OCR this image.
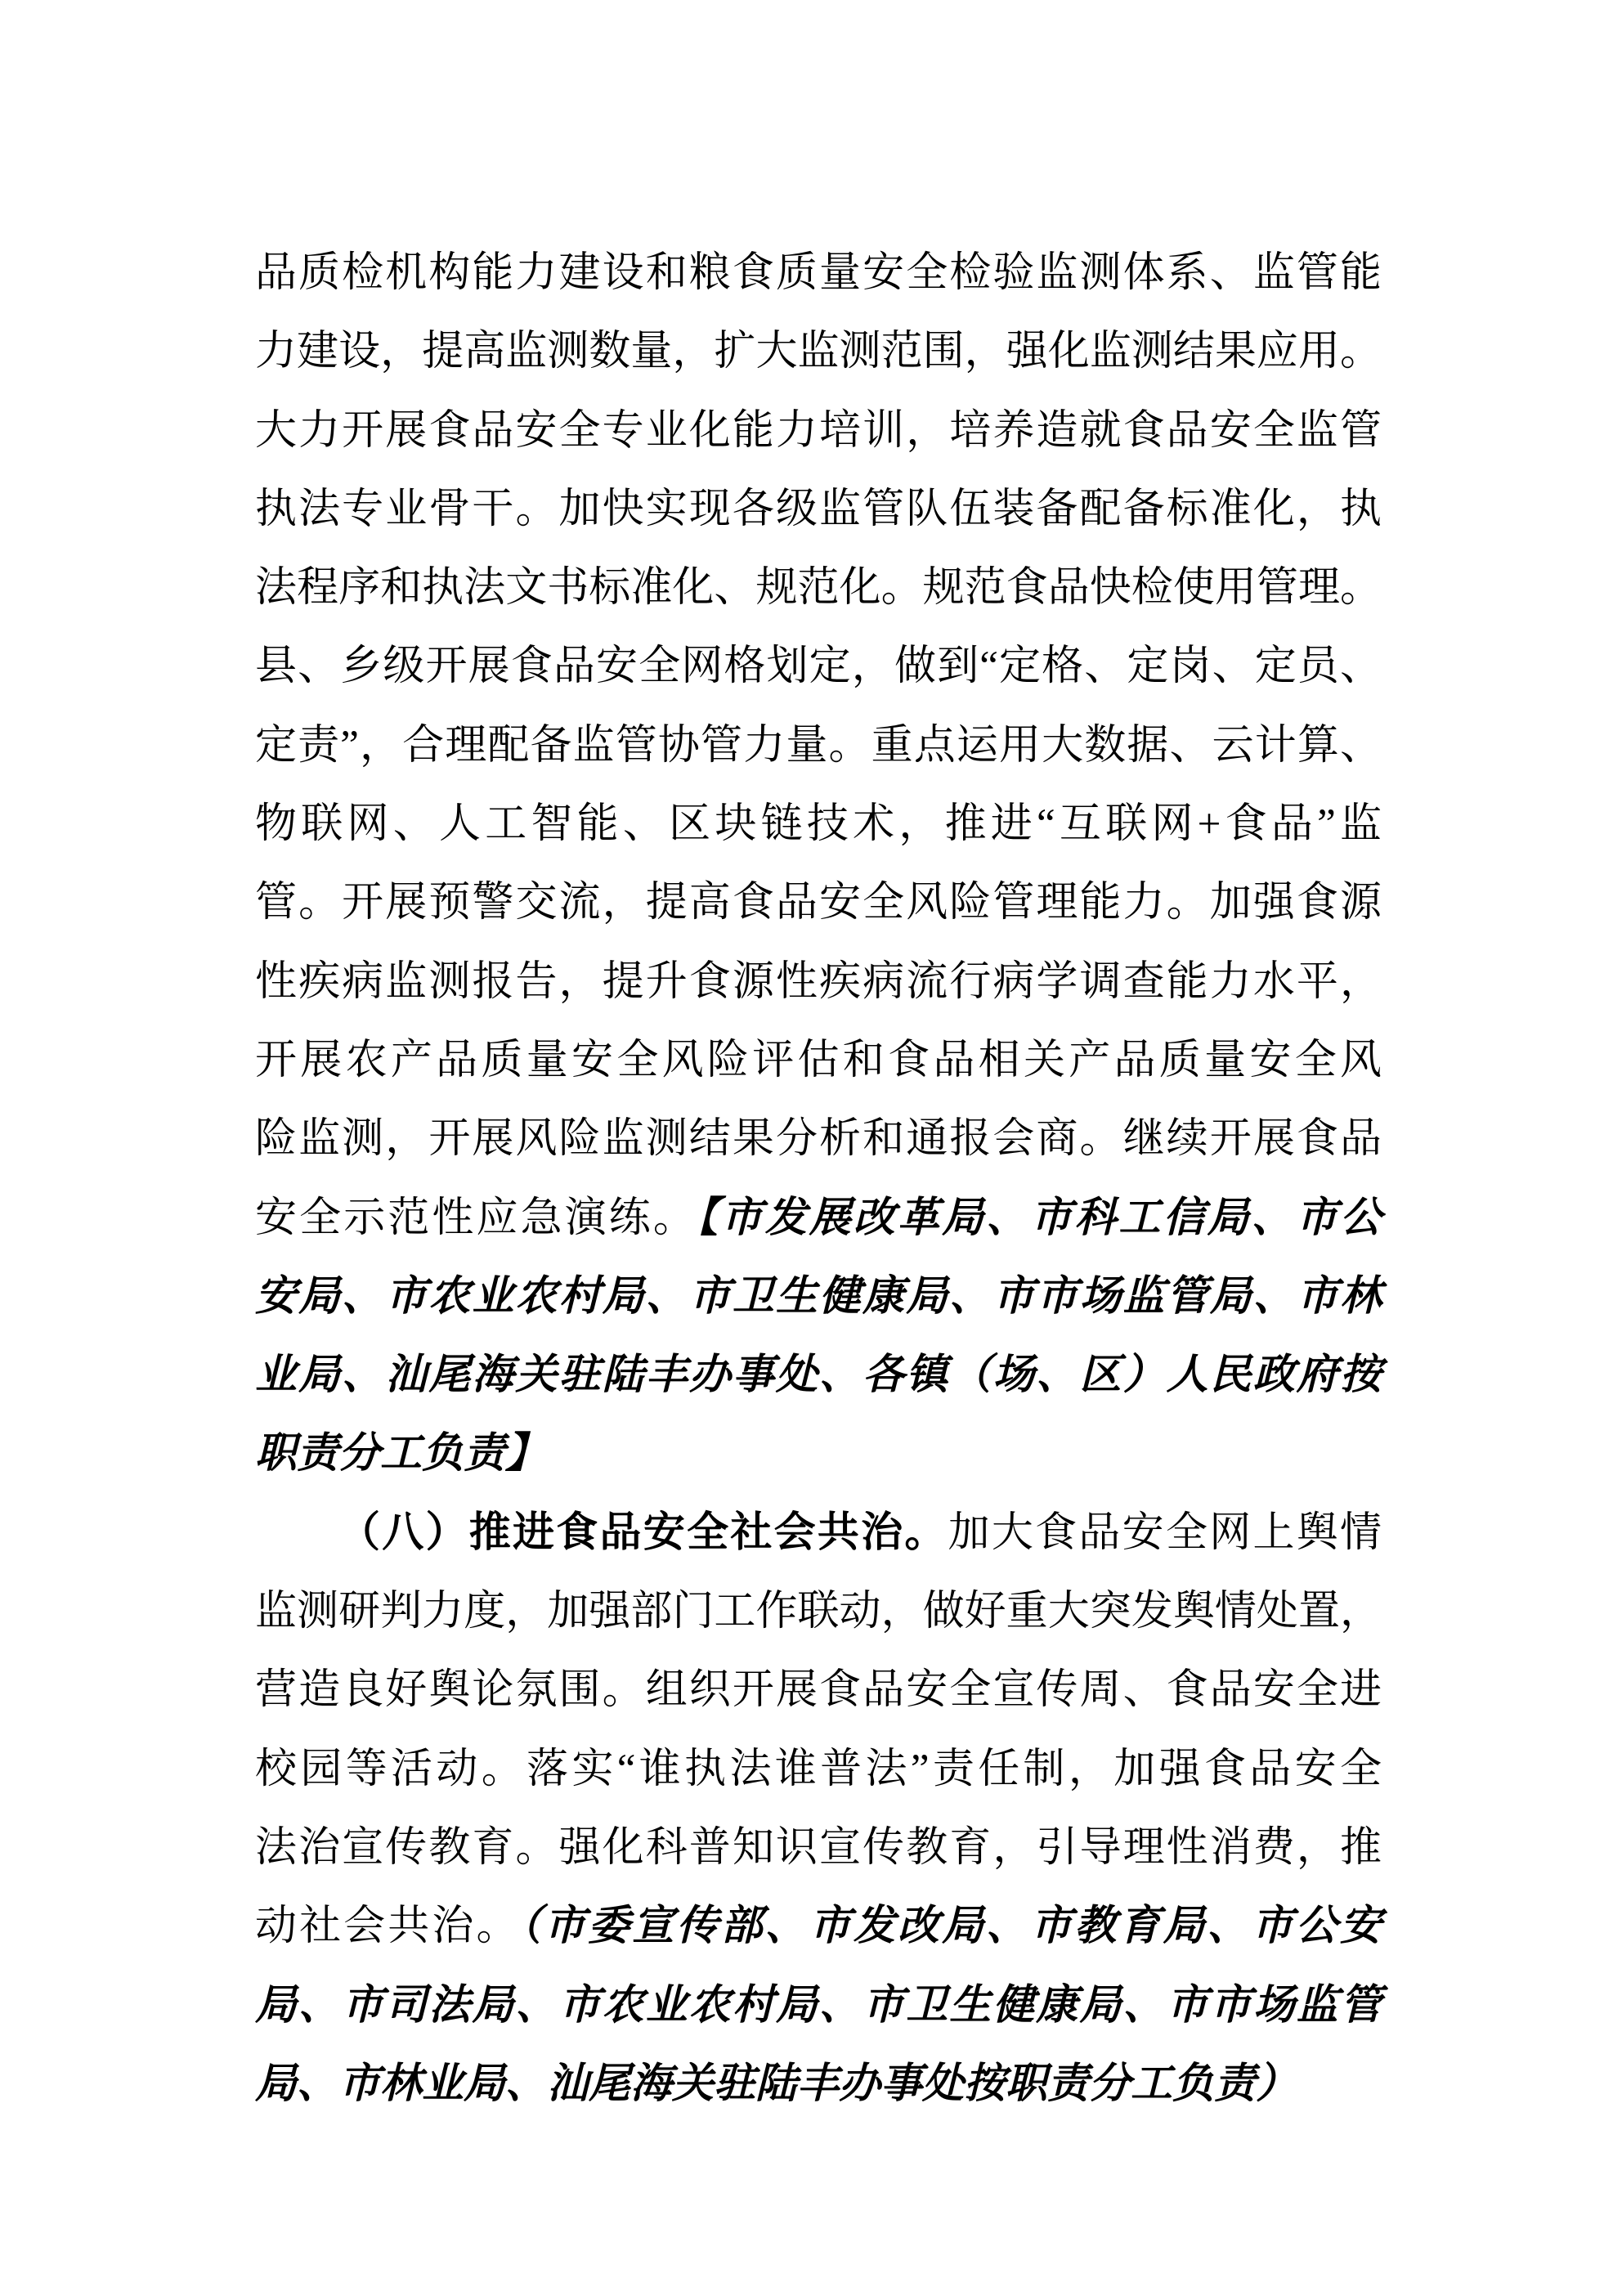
品质检机构能力建设和粮食质量安全检验监测体系、监管能
力建设，提高监测数量，扩大监测范围，强化监测结果应用。
大力开展食品安全专业化能力培训，培养造就食品安全监管
执法专业骨干。加快实现各级监管队伍装备配备标准化，执
法程序和执法文书标准化、规范化。规范食品快检使用管理。
县、乡级开展食品安全网格划定，做到“定格、定岗、定员、
定责”，合理配备监管协管力量。重点运用大数据、云计算、
物联网、人工智能、区块链技术，推进“互联网+食品”监
管。开展预警交流，提高食品安全风险管理能力。加强食源
性疾病监测报告，提升食源性疾病流行病学调查能力水平，
开展农产品质量安全风险评估和食品相关产品质量安全风
险监测，开展风险监测结果分析和通报会商。继续开展食品
安全示范性应急演练。【市发展改革局、市科工信局、市公
安局、市农业农村局、市卫生健康局、市市场监管局、市林
业局、汕尾海关驻陆丰办事处、各镇（场、区）人民政府按
职责分工负责】
（八）推进食品安全社会共治。加大食品安全网上舆情
监测研判力度，加强部门工作联动，做好重大突发舆情处置，
营造良好舆论氛围。组织开展食品安全宣传周、食品安全进
校园等活动。落实“谁执法谁普法”责任制，加强食品安全
法治宣传教育。强化科普知识宣传教育，引导理性消费，推
动社会共治。（市委宣传部、市发改局、市教育局、市公安
局、市司法局、市农业农村局、市卫生健康局、市市场监管
局、市林业局、汕尾海关驻陆丰办事处按职责分工负责）
